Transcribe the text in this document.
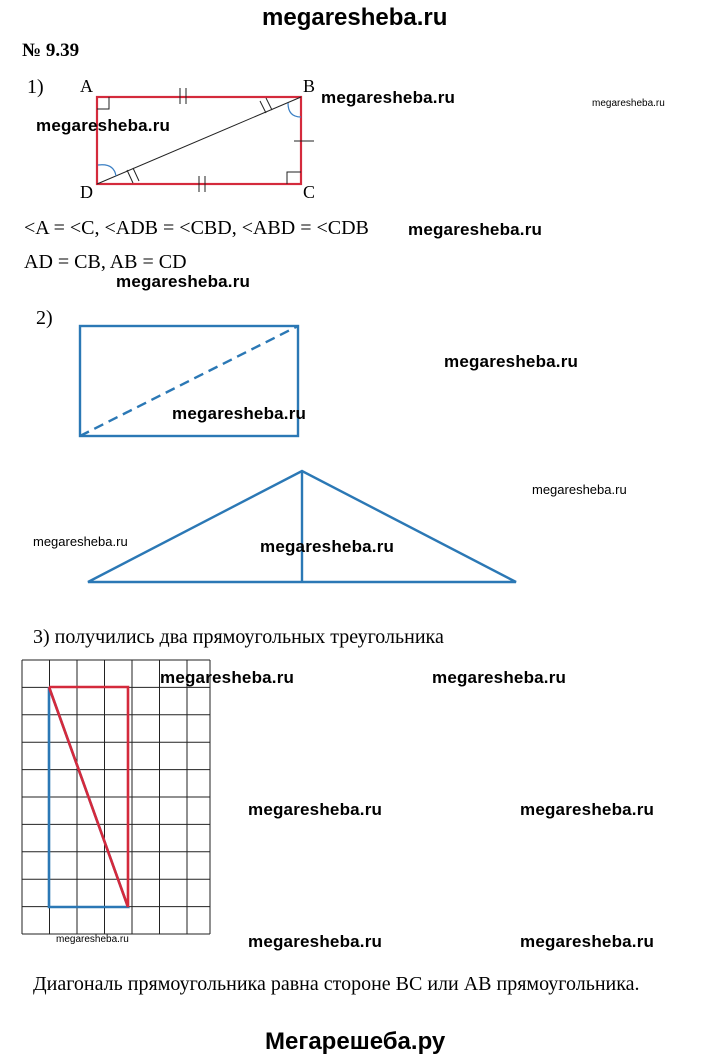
megaresheba.ru
№ 9.39
1) A	B
D	C
<A = <C, <ADB = <CBD, <ABD = <CDB
AD = CB, AB = CD
2)
3) получились два прямоугольных треугольника
Диагональ прямоугольника равна стороне BC или AB прямоугольника.
Мегарешеба.ру
megaresheba.ru	megaresheba.ru
megaresheba.ru
megaresheba.ru
megaresheba.ru
megaresheba.ru
megaresheba.ru
megaresheba.ru
megaresheba.ru	megaresheba.ru
megaresheba.ru	megaresheba.ru
megaresheba.ru	megaresheba.ru
megaresheba.ru	megaresheba.ru	megaresheba.ru
